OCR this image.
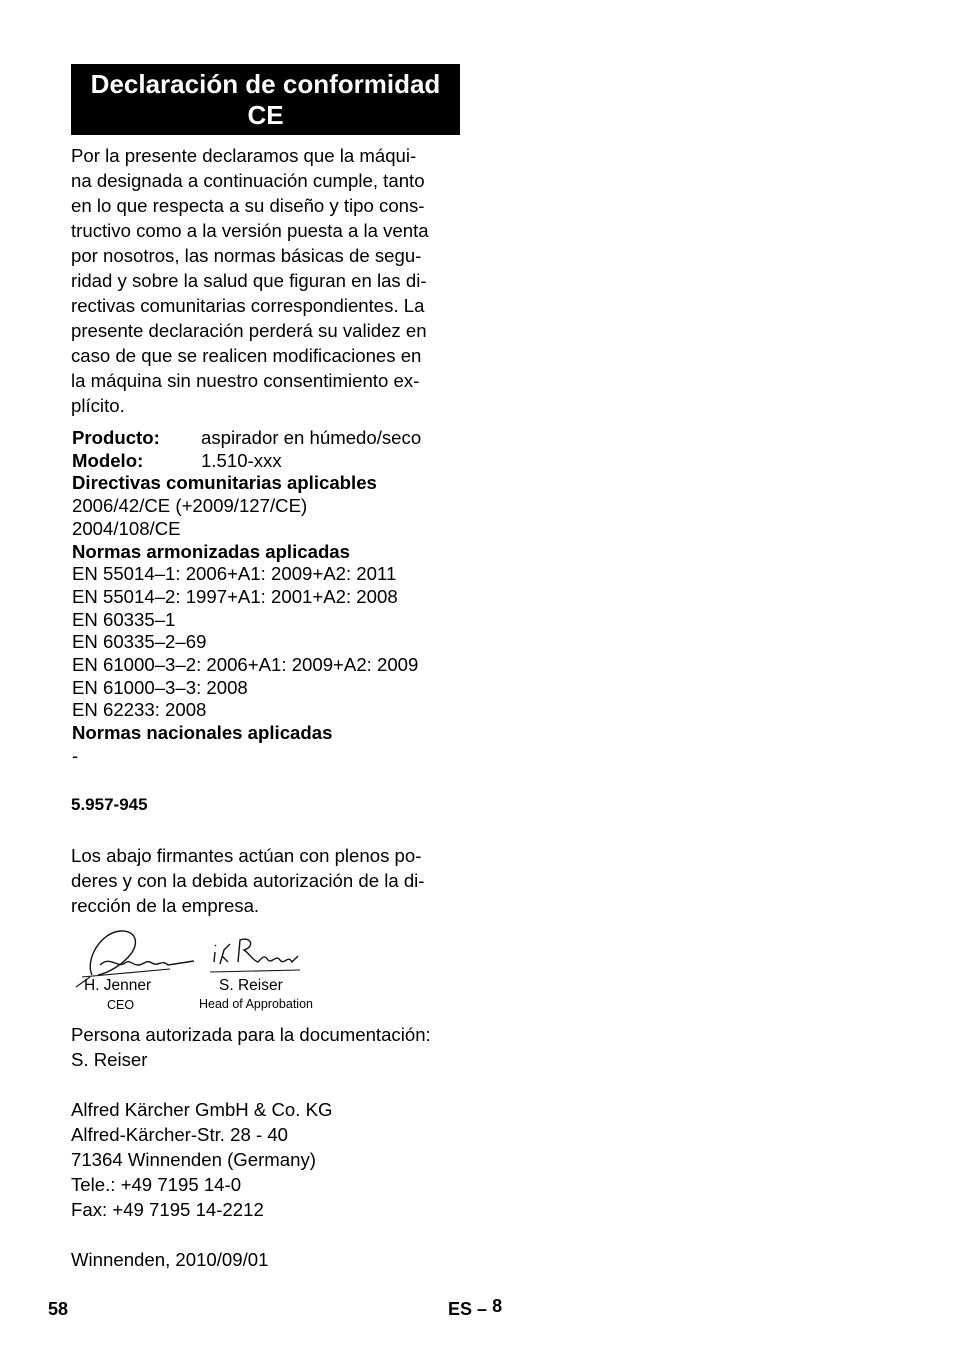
Declaración de conformidad
CE
Por la presente declaramos que la máqui-
na designada a continuación cumple, tanto
en lo que respecta a su diseño y tipo cons-
tructivo como a la versión puesta a la venta
por nosotros, las normas básicas de segu-
ridad y sobre la salud que figuran en las di-
rectivas comunitarias correspondientes. La
presente declaración perderá su validez en
caso de que se realicen modificaciones en
la máquina sin nuestro consentimiento ex-
plícito.
Producto:	aspirador en húmedo/seco
Modelo:	1.510-xxx
Directivas comunitarias aplicables
2006/42/CE (+2009/127/CE)
2004/108/CE
Normas armonizadas aplicadas
EN 55014–1: 2006+A1: 2009+A2: 2011
EN 55014–2: 1997+A1: 2001+A2: 2008
EN 60335–1
EN 60335–2–69
EN 61000–3–2: 2006+A1: 2009+A2: 2009
EN 61000–3–3: 2008
EN 62233: 2008
Normas nacionales aplicadas
-
5.957-945
Los abajo firmantes actúan con plenos po-
deres y con la debida autorización de la di-
rección de la empresa.
H. Jenner
CEO
S. Reiser
Head of Approbation
Persona autorizada para la documentación:
S. Reiser
Alfred Kärcher GmbH & Co. KG
Alfred-Kärcher-Str. 28 - 40
71364 Winnenden (Germany)
Tele.: +49 7195 14-0
Fax: +49 7195 14-2212
Winnenden, 2010/09/01
58	ES – 8
